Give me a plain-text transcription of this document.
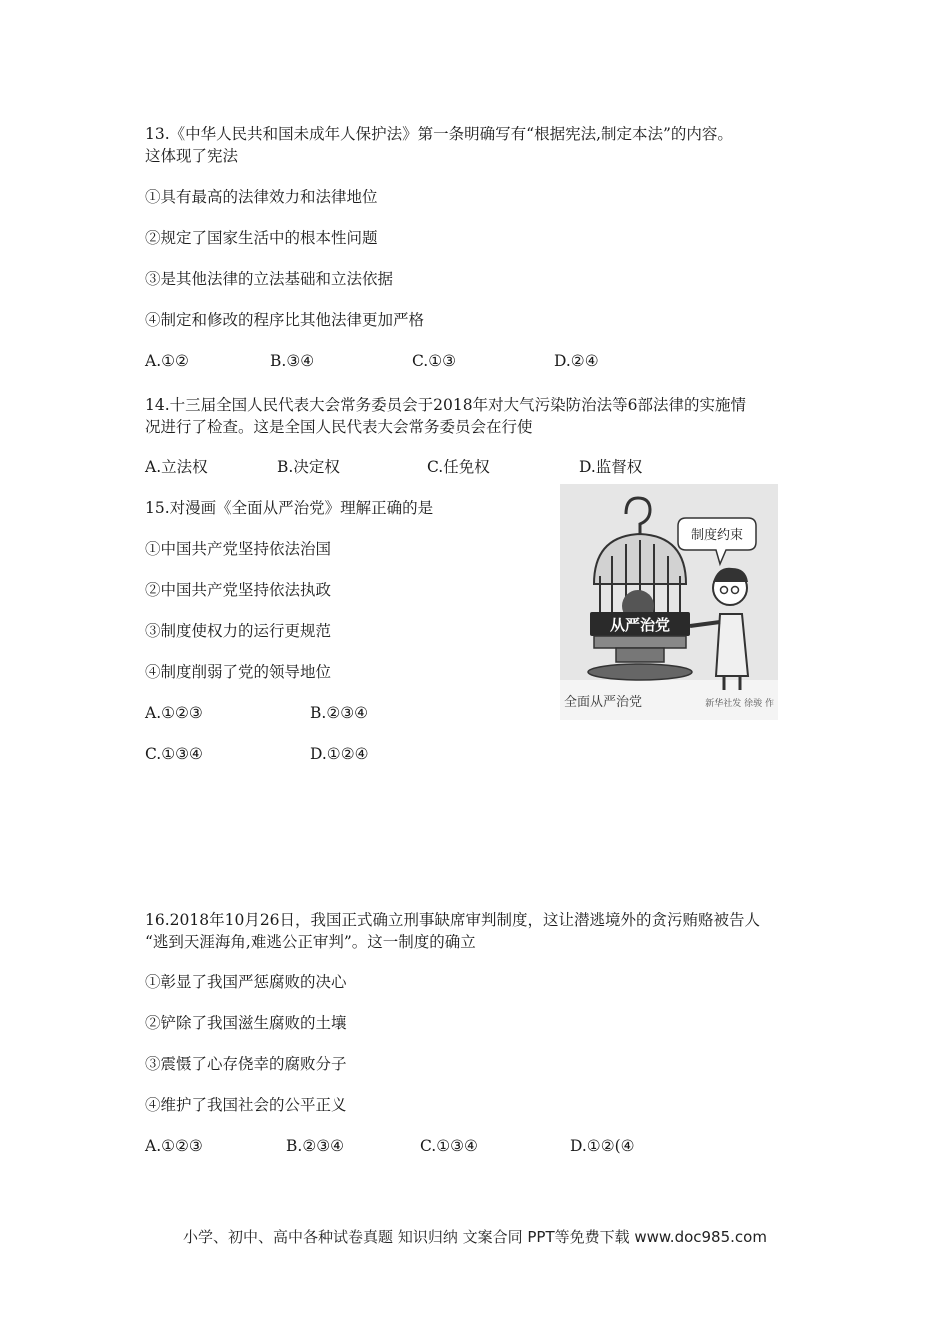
13.《中华人民共和国未成年人保护法》第一条明确写有“根据宪法,制定本法”的内容。
这体现了宪法
①具有最高的法律效力和法律地位
②规定了国家生活中的根本性问题
③是其他法律的立法基础和立法依据
④制定和修改的程序比其他法律更加严格
A.①②	B.③④	C.①③	D.②④
14.十三届全国人民代表大会常务委员会于2018年对大气污染防治法等6部法律的实施情
况进行了检查。这是全国人民代表大会常务委员会在行使
A.立法权	B.决定权	C.任免权	D.监督权
15.对漫画《全面从严治党》理解正确的是
①中国共产党坚持依法治国
②中国共产党坚持依法执政
③制度使权力的运行更规范
④制度削弱了党的领导地位
A.①②③	B.②③④
C.①③④	D.①②④
从严治党
制度约束
全面从严治党	新华社发 徐骏 作
16.2018年10月26日，我国正式确立刑事缺席审判制度，这让潜逃境外的贪污贿赂被告人
“逃到天涯海角,难逃公正审判”。这一制度的确立
①彰显了我国严惩腐败的决心
②铲除了我国滋生腐败的土壤
③震慑了心存侥幸的腐败分子
④维护了我国社会的公平正义
A.①②③	B.②③④	C.①③④	D.①②(④
小学、初中、高中各种试卷真题 知识归纳 文案合同 PPT等免费下载 www.doc985.com
